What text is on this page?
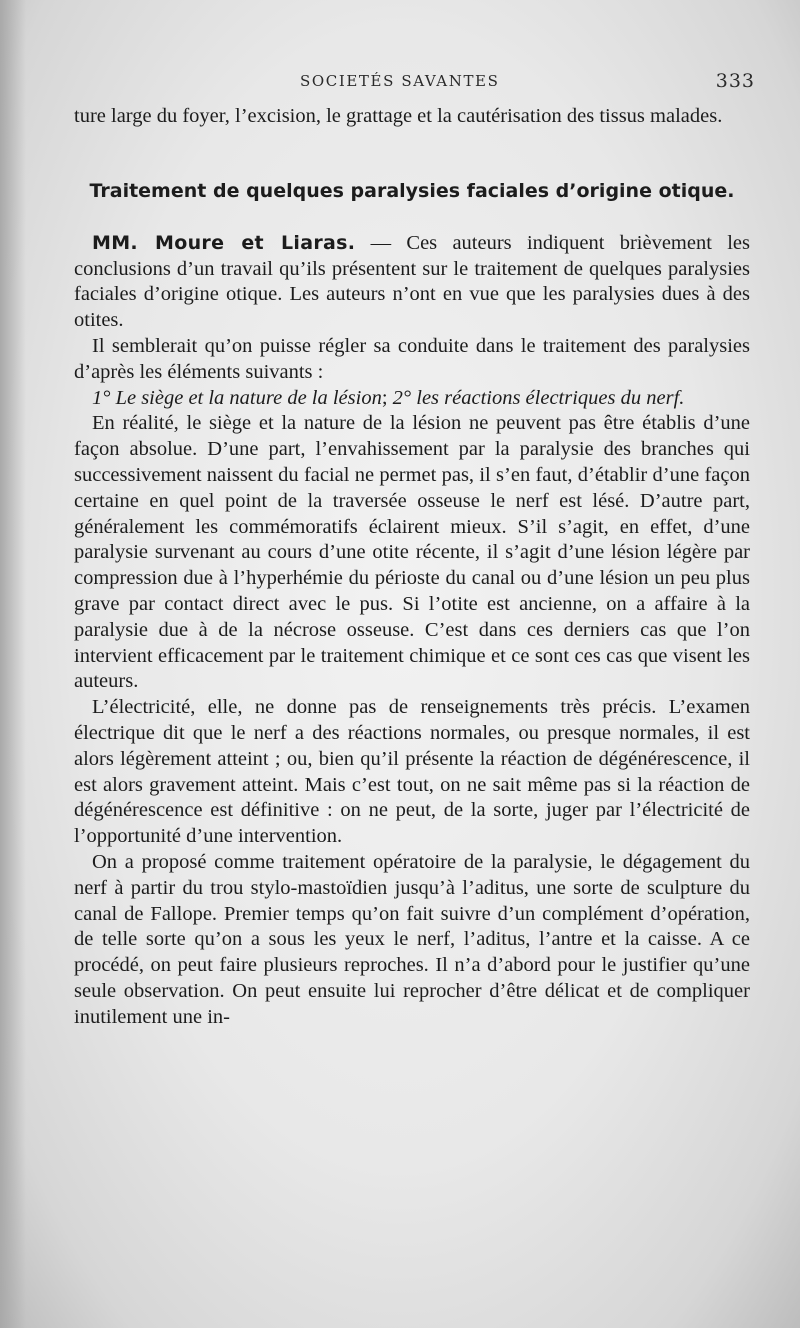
SOCIETÉS SAVANTES	333

ture large du foyer, l’excision, le grattage et la cautérisation des tissus malades.

Traitement de quelques paralysies faciales d’origine otique.

MM. Moure et Liaras. — Ces auteurs indiquent brièvement les conclusions d’un travail qu’ils présentent sur le traitement de quelques paralysies faciales d’origine otique. Les auteurs n’ont en vue que les paralysies dues à des otites.

Il semblerait qu’on puisse régler sa conduite dans le traitement des paralysies d’après les éléments suivants :

1° Le siège et la nature de la lésion; 2° les réactions électriques du nerf.

En réalité, le siège et la nature de la lésion ne peuvent pas être établis d’une façon absolue. D’une part, l’envahissement par la paralysie des branches qui successivement naissent du facial ne permet pas, il s’en faut, d’établir d’une façon certaine en quel point de la traversée osseuse le nerf est lésé. D’autre part, généralement les commémoratifs éclairent mieux. S’il s’agit, en effet, d’une paralysie survenant au cours d’une otite récente, il s’agit d’une lésion légère par compression due à l’hyperhémie du périoste du canal ou d’une lésion un peu plus grave par contact direct avec le pus. Si l’otite est ancienne, on a affaire à la paralysie due à de la nécrose osseuse. C’est dans ces derniers cas que l’on intervient efficacement par le traitement chimique et ce sont ces cas que visent les auteurs.

L’électricité, elle, ne donne pas de renseignements très précis. L’examen électrique dit que le nerf a des réactions normales, ou presque normales, il est alors légèrement atteint ; ou, bien qu’il présente la réaction de dégénérescence, il est alors gravement atteint. Mais c’est tout, on ne sait même pas si la réaction de dégénérescence est définitive : on ne peut, de la sorte, juger par l’électricité de l’opportunité d’une intervention.

On a proposé comme traitement opératoire de la paralysie, le dégagement du nerf à partir du trou stylo-mastoïdien jusqu’à l’aditus, une sorte de sculpture du canal de Fallope. Premier temps qu’on fait suivre d’un complément d’opération, de telle sorte qu’on a sous les yeux le nerf, l’aditus, l’antre et la caisse. A ce procédé, on peut faire plusieurs reproches. Il n’a d’abord pour le justifier qu’une seule observation. On peut ensuite lui reprocher d’être délicat et de compliquer inutilement une in-
